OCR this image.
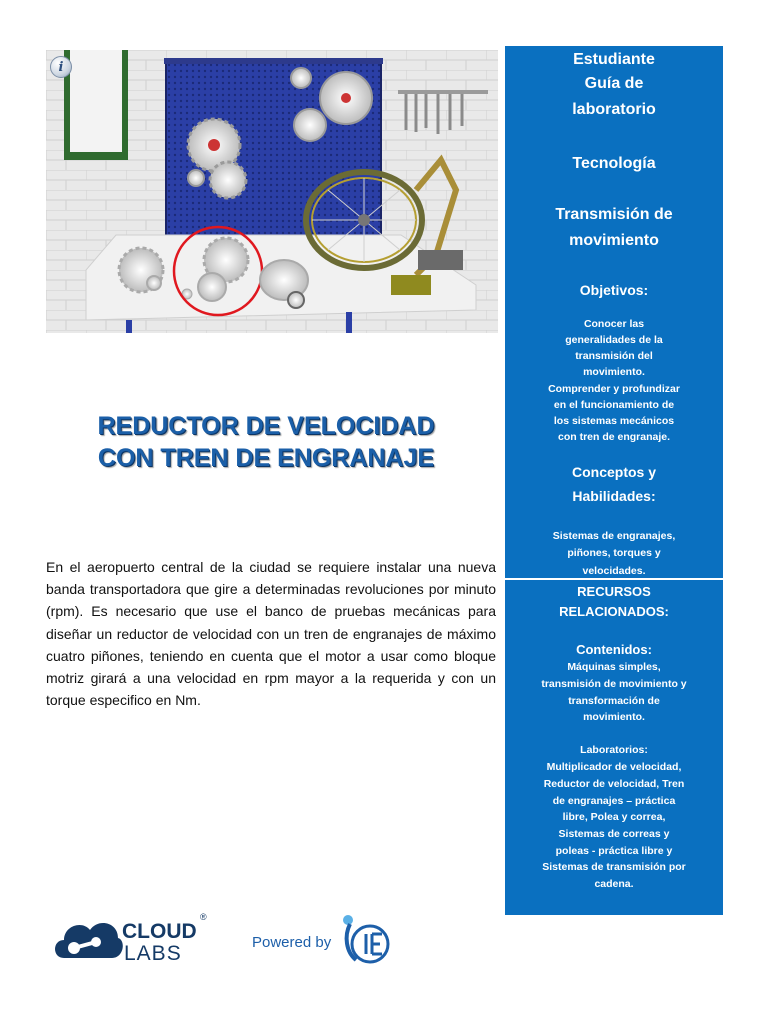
i	Estudiante
Guía de
laboratorio
Tecnología
Transmisión de
movimiento
Objetivos:
Conocer las
generalidades de la
transmisión del
movimiento.
Comprender y profundizar
en el funcionamiento de
los sistemas mecánicos
con tren de engranaje.
Conceptos y
Habilidades:
Sistemas de engranajes,
piñones, torques y
velocidades.
RECURSOS
RELACIONADOS:
Contenidos:
Máquinas simples,
transmisión de movimiento y
transformación de
movimiento.
Laboratorios:
Multiplicador de velocidad,
Reductor de velocidad, Tren
de engranajes – práctica
libre, Polea y correa,
Sistemas de correas y
poleas - práctica libre y
Sistemas de transmisión por
cadena.
REDUCTOR DE VELOCIDAD
CON TREN DE ENGRANAJE
En el aeropuerto central de la ciudad se requiere instalar una nueva banda transportadora que gire a determinadas revoluciones por minuto (rpm). Es necesario que use el banco de pruebas mecánicas para diseñar un reductor de velocidad con un tren de engranajes de máximo cuatro piñones, teniendo en cuenta que el motor a usar como bloque motriz girará a una velocidad en rpm mayor a la requerida y con un torque especifico en Nm.
CLOUD
LABS
®
Powered by
